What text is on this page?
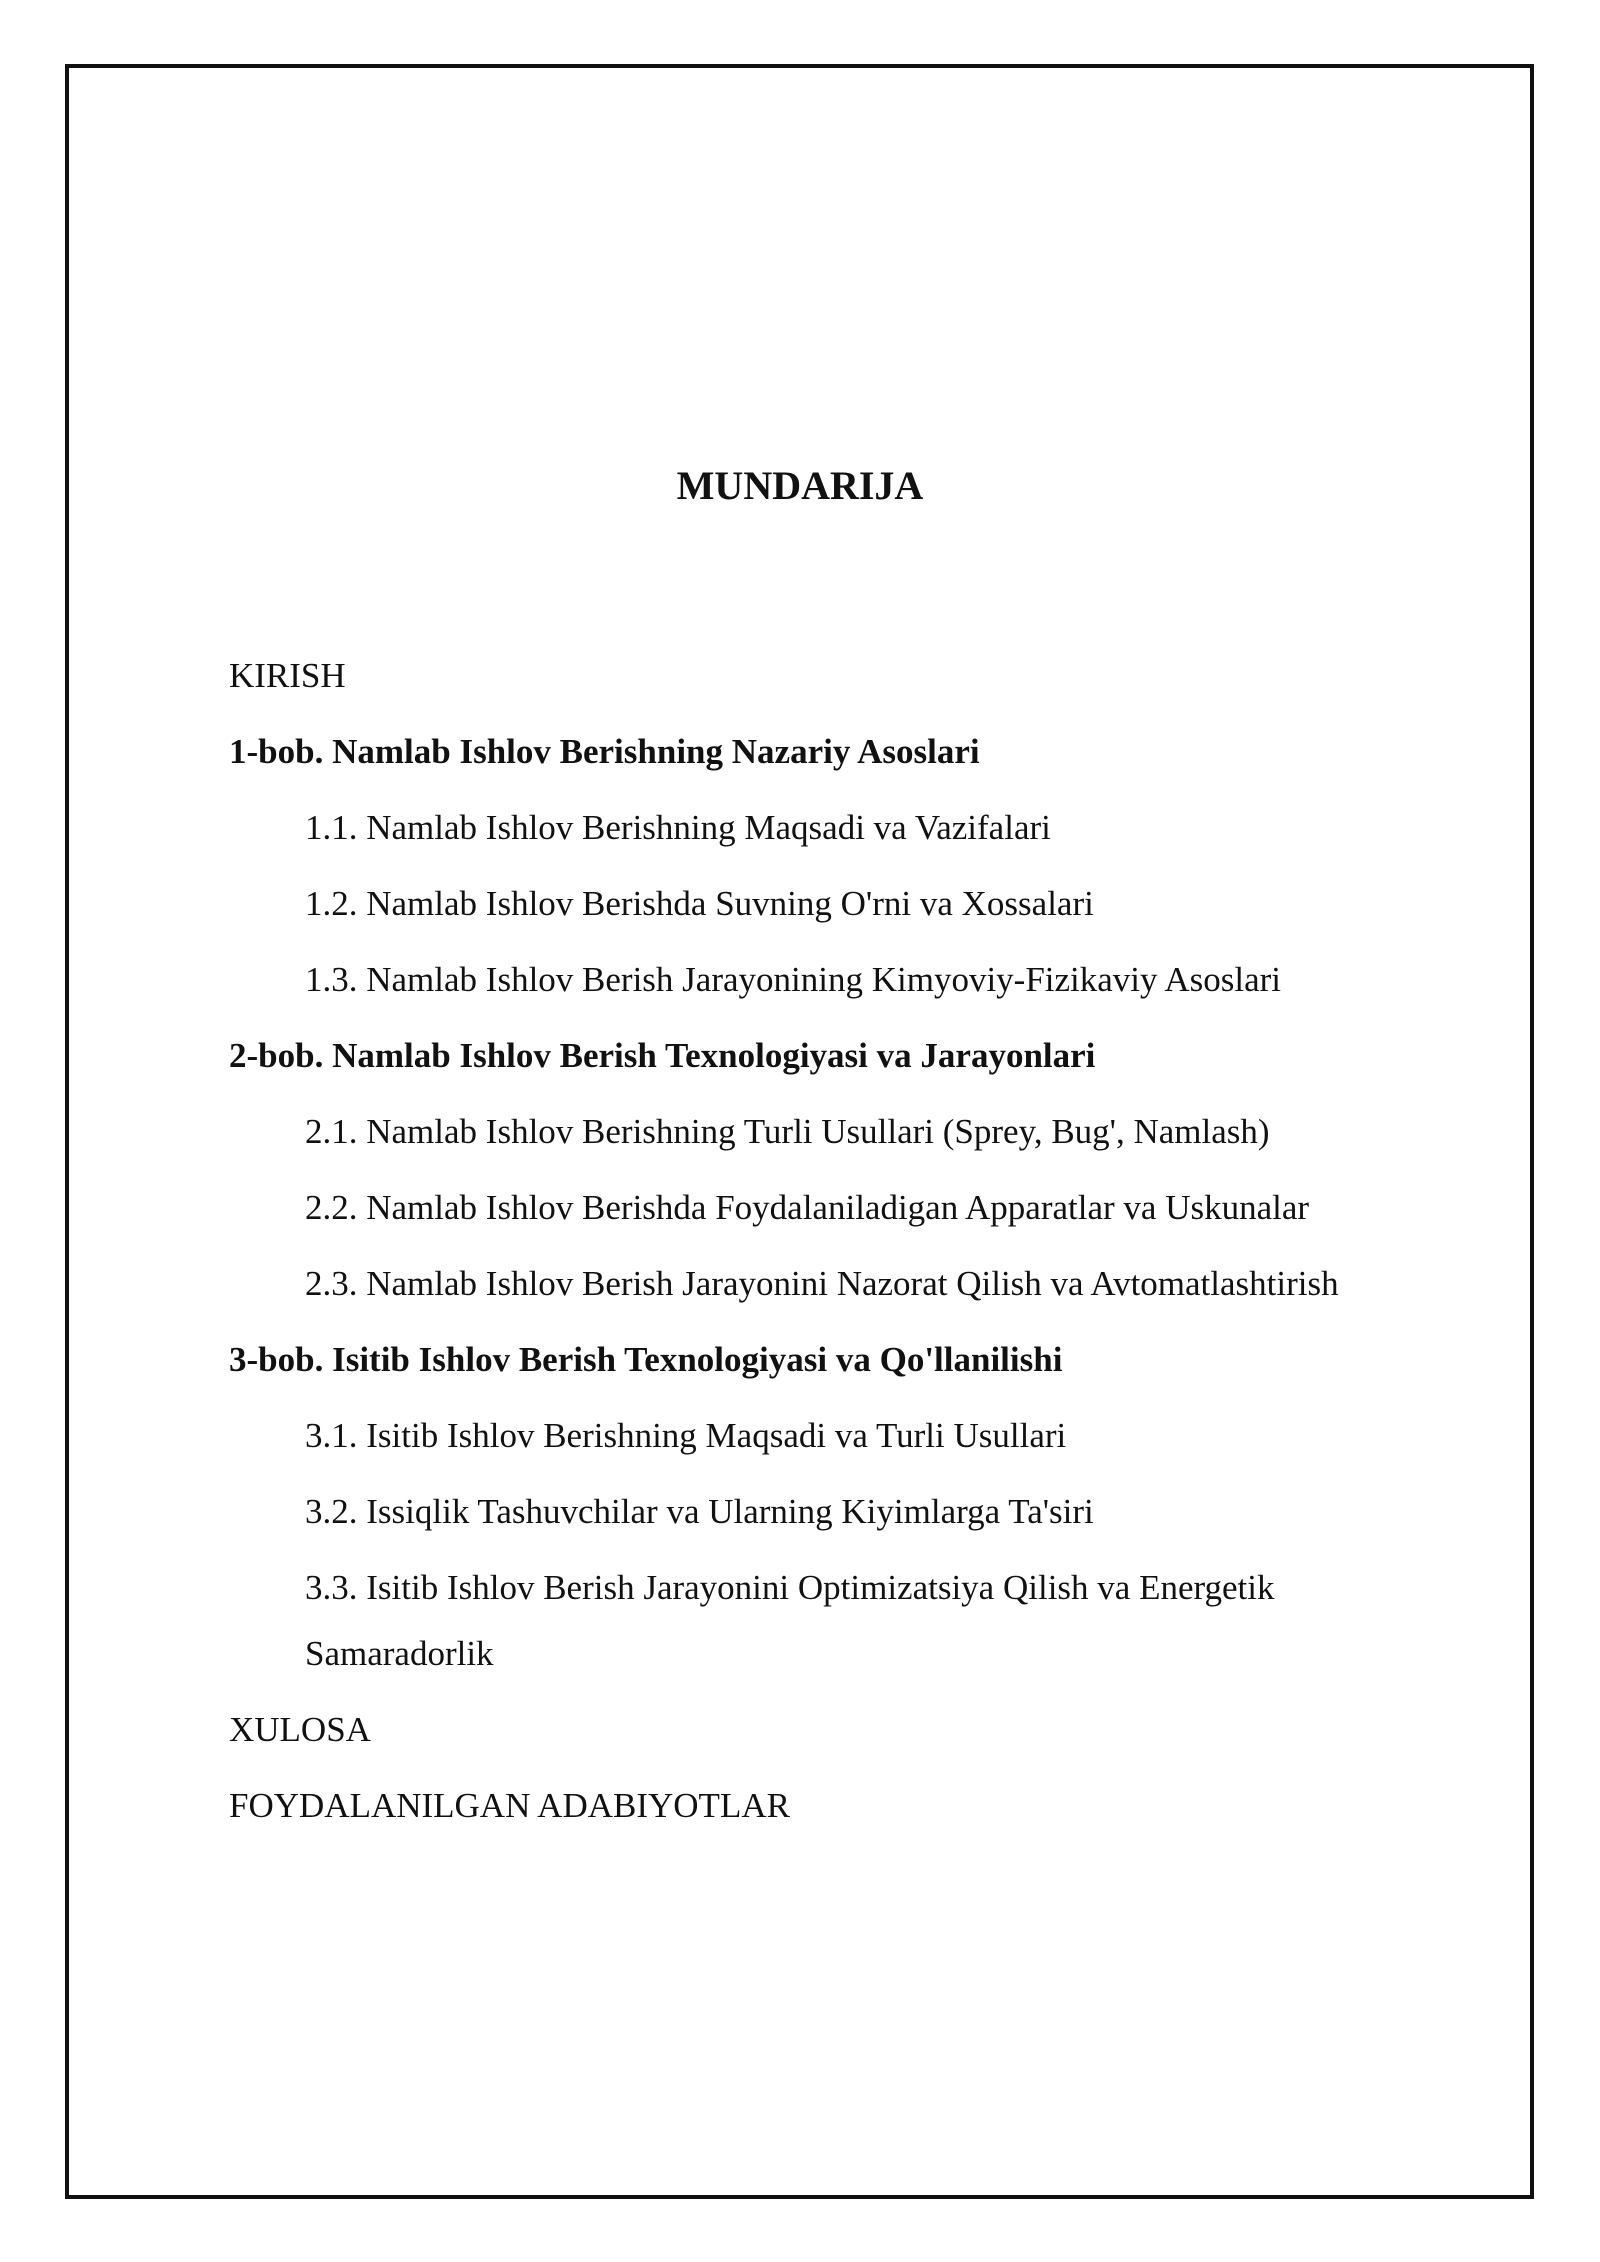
MUNDARIJA

KIRISH

1-bob. Namlab Ishlov Berishning Nazariy Asoslari

1.1. Namlab Ishlov Berishning Maqsadi va Vazifalari

1.2. Namlab Ishlov Berishda Suvning O'rni va Xossalari

1.3. Namlab Ishlov Berish Jarayonining Kimyoviy-Fizikaviy Asoslari

2-bob. Namlab Ishlov Berish Texnologiyasi va Jarayonlari

2.1. Namlab Ishlov Berishning Turli Usullari (Sprey, Bug', Namlash)

2.2. Namlab Ishlov Berishda Foydalaniladigan Apparatlar va Uskunalar

2.3. Namlab Ishlov Berish Jarayonini Nazorat Qilish va Avtomatlashtirish

3-bob. Isitib Ishlov Berish Texnologiyasi va Qo'llanilishi

3.1. Isitib Ishlov Berishning Maqsadi va Turli Usullari

3.2. Issiqlik Tashuvchilar va Ularning Kiyimlarga Ta'siri

3.3. Isitib Ishlov Berish Jarayonini Optimizatsiya Qilish va Energetik Samaradorlik

XULOSA

FOYDALANILGAN ADABIYOTLAR
